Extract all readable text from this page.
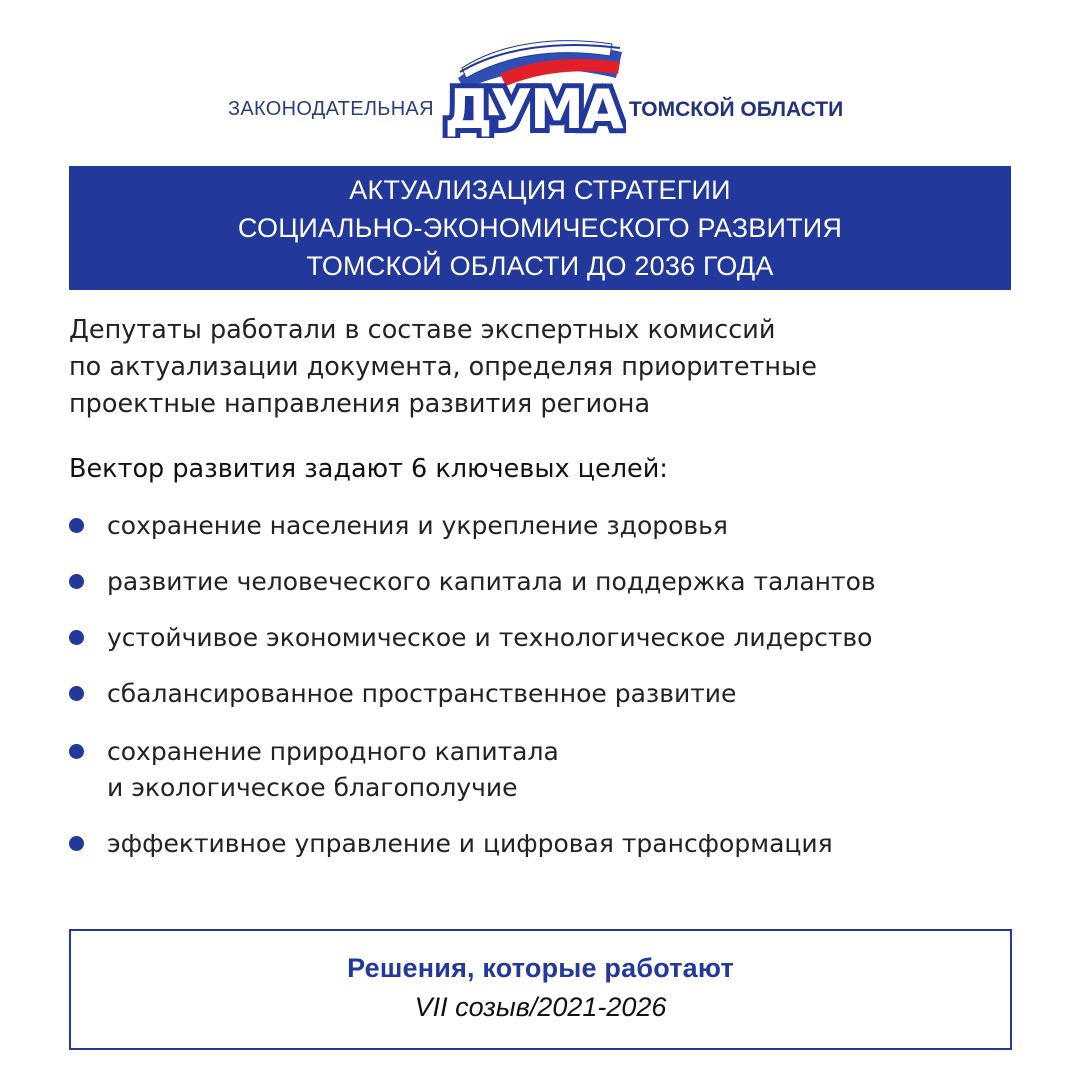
ЗАКОНОДАТЕЛЬНАЯ ДУМА ТОМСКОЙ ОБЛАСТИ
АКТУАЛИЗАЦИЯ СТРАТЕГИИ
СОЦИАЛЬНО-ЭКОНОМИЧЕСКОГО РАЗВИТИЯ
ТОМСКОЙ ОБЛАСТИ ДО 2036 ГОДА
Депутаты работали в составе экспертных комиссий
по актуализации документа, определяя приоритетные
проектные направления развития региона
Вектор развития задают 6 ключевых целей:
сохранение населения и укрепление здоровья
развитие человеческого капитала и поддержка талантов
устойчивое экономическое и технологическое лидерство
сбалансированное пространственное развитие
сохранение природного капитала
и экологическое благополучие
эффективное управление и цифровая трансформация
Решения, которые работают
VII созыв/2021-2026
